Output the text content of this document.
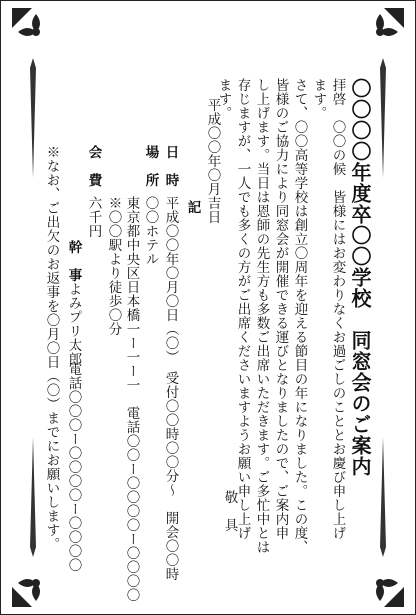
〇〇〇〇年度卒〇〇学校　同窓会のご案内
拝啓　〇〇の候　皆様にはお変わりなくお過ごしのこととお慶び申し上げ
ます。
さて、〇〇高等学校は創立〇周年を迎える節目の年になりました。この度、
皆様のご協力により同窓会が開催できる運びとなりましたので、ご案内申
し上げます。当日は恩師の先生方も多数ご出席いただきます。ご多忙中とは
存じますが、一人でも多くの方がご出席くださいますようお願い申し上げ
ます。
敬　具
平成〇〇年〇月吉日
記
日　時
平成〇〇年〇月〇日（〇）　受付〇〇時〇〇分～　開会〇〇時
場　所
〇〇ホテル
東京都中央区日本橋一ー一ー一　電話〇〇ー〇〇〇〇ー〇〇〇〇
※〇〇駅より徒歩〇分
会　費
六千円
幹　事
よみプリ太郎
電話〇〇〇ー〇〇〇〇ー〇〇〇〇
※なお、ご出欠のお返事を〇月〇日（〇）までにお願いします。
